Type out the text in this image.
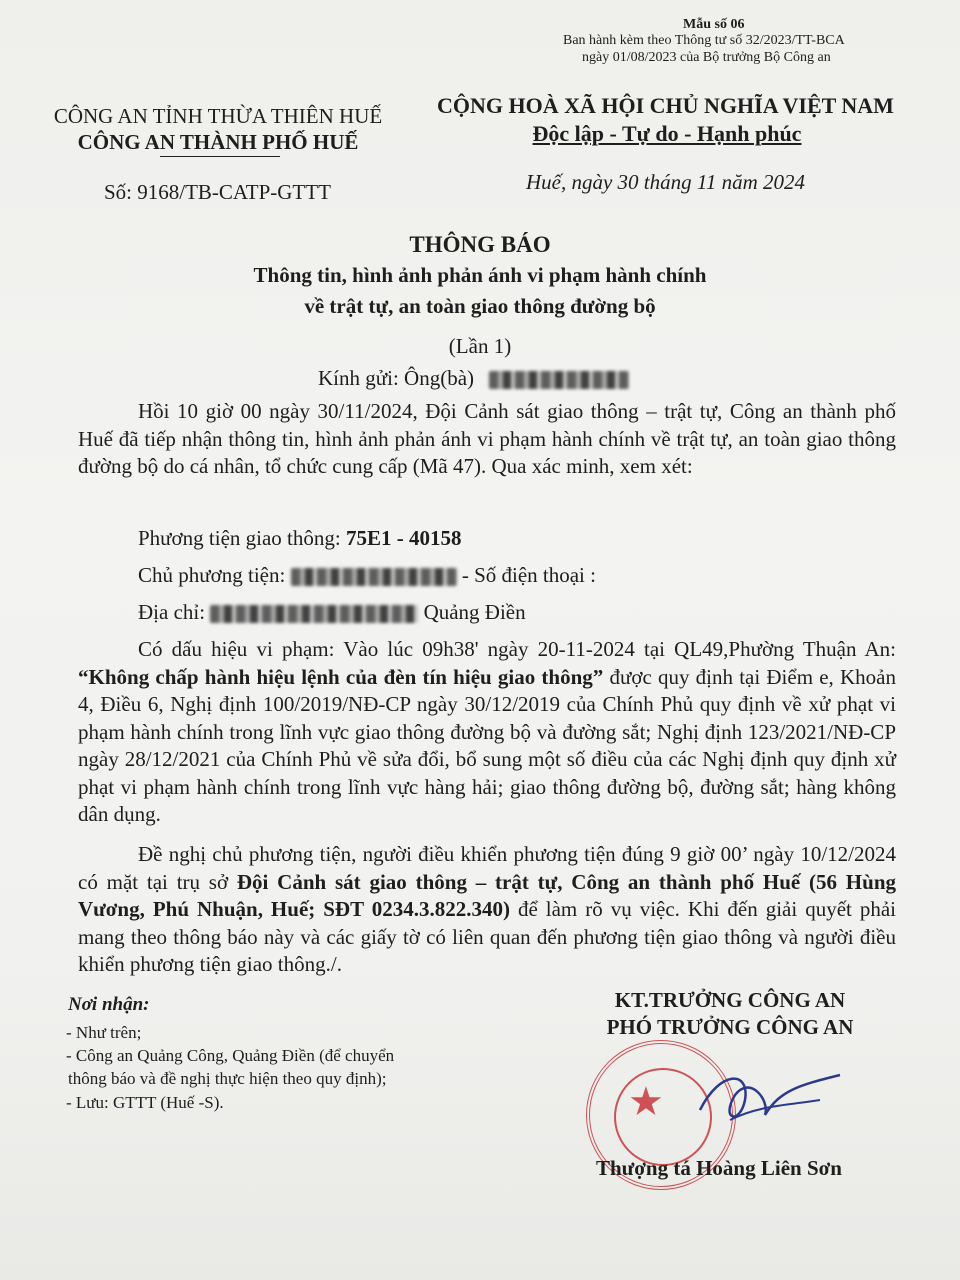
Mẫu số 06
Ban hành kèm theo Thông tư số 32/2023/TT-BCA
ngày 01/08/2023 của Bộ trưởng Bộ Công an
CÔNG AN TỈNH THỪA THIÊN HUẾ
CÔNG AN THÀNH PHỐ HUẾ
Số: 9168/TB-CATP-GTTT
CỘNG HOÀ XÃ HỘI CHỦ NGHĨA VIỆT NAM
Độc lập - Tự do - Hạnh phúc
Huế, ngày 30 tháng 11 năm 2024
THÔNG BÁO
Thông tin, hình ảnh phản ánh vi phạm hành chính
về trật tự, an toàn giao thông đường bộ
(Lần 1)
Kính gửi: Ông(bà)

Hồi 10 giờ 00 ngày 30/11/2024, Đội Cảnh sát giao thông – trật tự, Công an thành phố Huế đã tiếp nhận thông tin, hình ảnh phản ánh vi phạm hành chính về trật tự, an toàn giao thông đường bộ do cá nhân, tổ chức cung cấp (Mã 47). Qua xác minh, xem xét:

Phương tiện giao thông: 75E1 - 40158
Chủ phương tiện:	- Số điện thoại :
Địa chỉ:	Quảng Điền

Có dấu hiệu vi phạm: Vào lúc 09h38' ngày 20-11-2024 tại QL49,Phường Thuận An: “Không chấp hành hiệu lệnh của đèn tín hiệu giao thông” được quy định tại Điểm e, Khoản 4, Điều 6, Nghị định 100/2019/NĐ-CP ngày 30/12/2019 của Chính Phủ quy định về xử phạt vi phạm hành chính trong lĩnh vực giao thông đường bộ và đường sắt; Nghị định 123/2021/NĐ-CP ngày 28/12/2021 của Chính Phủ về sửa đổi, bổ sung một số điều của các Nghị định quy định xử phạt vi phạm hành chính trong lĩnh vực hàng hải; giao thông đường bộ, đường sắt; hàng không dân dụng.

Đề nghị chủ phương tiện, người điều khiển phương tiện đúng 9 giờ 00’ ngày 10/12/2024 có mặt tại trụ sở Đội Cảnh sát giao thông – trật tự, Công an thành phố Huế (56 Hùng Vương, Phú Nhuận, Huế; SĐT 0234.3.822.340) để làm rõ vụ việc. Khi đến giải quyết phải mang theo thông báo này và các giấy tờ có liên quan đến phương tiện giao thông và người điều khiển phương tiện giao thông./.

Nơi nhận:
- Như trên;
- Công an Quảng Công, Quảng Điền (để chuyển
thông báo và đề nghị thực hiện theo quy định);
- Lưu: GTTT (Huế -S).
KT.TRƯỞNG CÔNG AN
PHÓ TRƯỞNG CÔNG AN
★
Thượng tá Hoàng Liên Sơn
